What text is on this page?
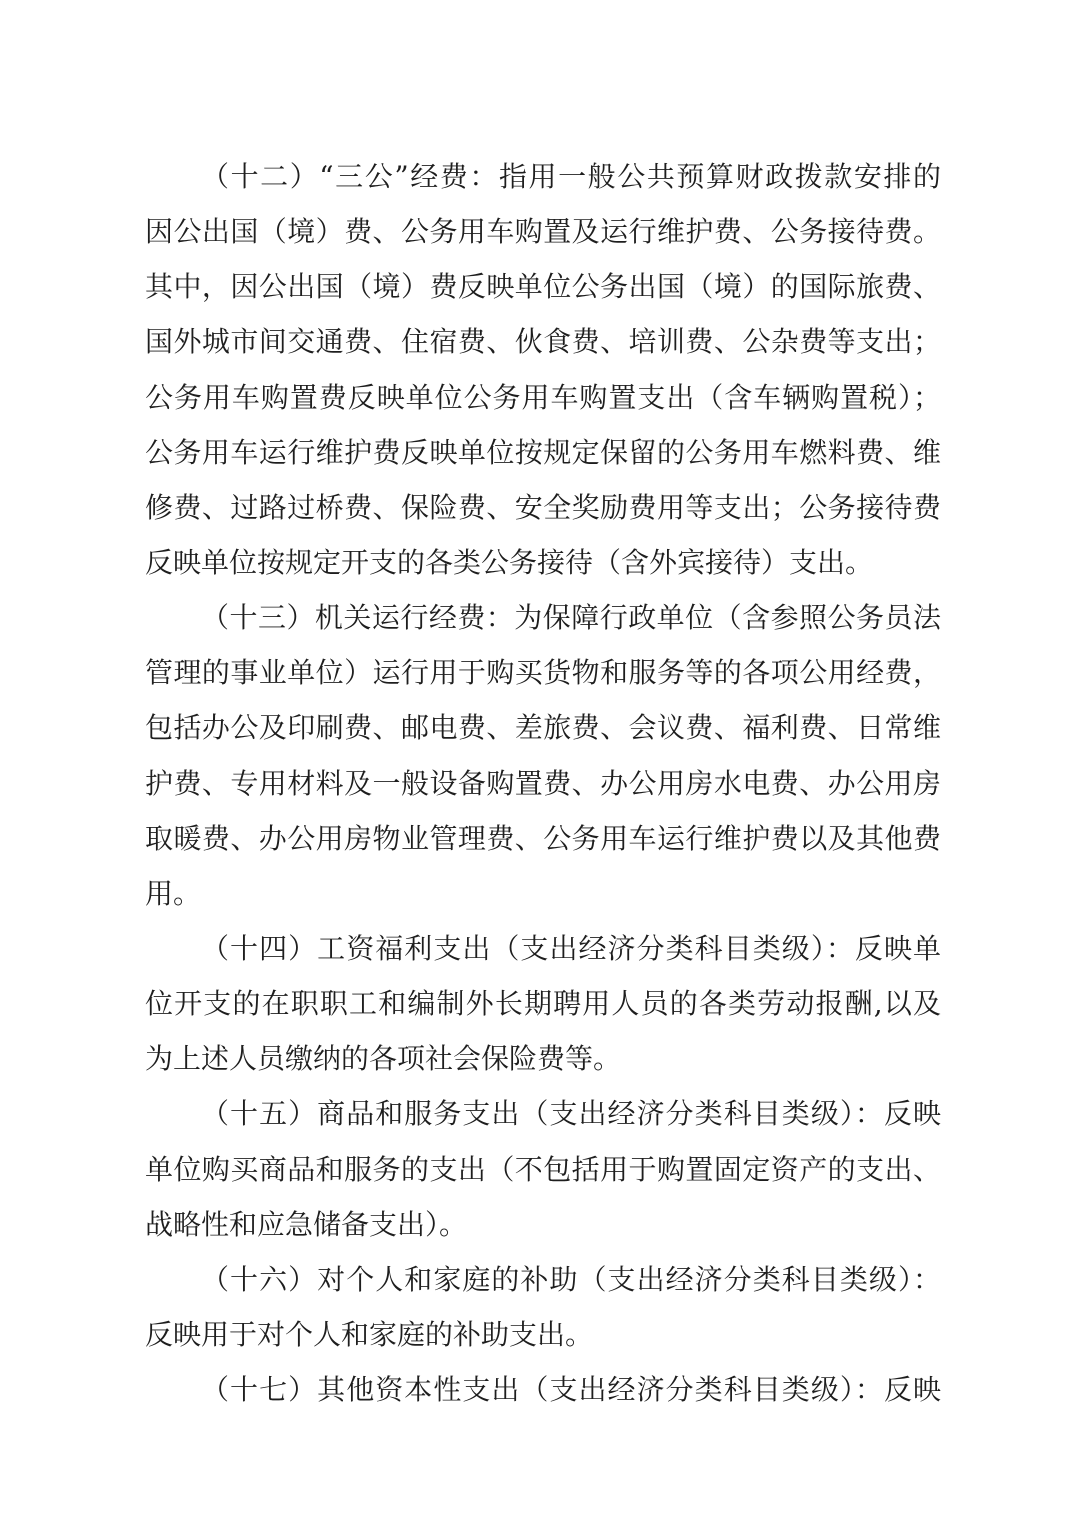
（十二）“三公”经费：指用一般公共预算财政拨款安排的
因公出国（境）费、公务用车购置及运行维护费、公务接待费。
其中，因公出国（境）费反映单位公务出国（境）的国际旅费、
国外城市间交通费、住宿费、伙食费、培训费、公杂费等支出；
公务用车购置费反映单位公务用车购置支出（含车辆购置税）；
公务用车运行维护费反映单位按规定保留的公务用车燃料费、维
修费、过路过桥费、保险费、安全奖励费用等支出；公务接待费
反映单位按规定开支的各类公务接待（含外宾接待）支出。
（十三）机关运行经费：为保障行政单位（含参照公务员法
管理的事业单位）运行用于购买货物和服务等的各项公用经费，
包括办公及印刷费、邮电费、差旅费、会议费、福利费、日常维
护费、专用材料及一般设备购置费、办公用房水电费、办公用房
取暖费、办公用房物业管理费、公务用车运行维护费以及其他费
用。
（十四）工资福利支出（支出经济分类科目类级）：反映单
位开支的在职职工和编制外长期聘用人员的各类劳动报酬,以及
为上述人员缴纳的各项社会保险费等。
（十五）商品和服务支出（支出经济分类科目类级）：反映
单位购买商品和服务的支出（不包括用于购置固定资产的支出、
战略性和应急储备支出）。
（十六）对个人和家庭的补助（支出经济分类科目类级）：
反映用于对个人和家庭的补助支出。
（十七）其他资本性支出（支出经济分类科目类级）：反映
